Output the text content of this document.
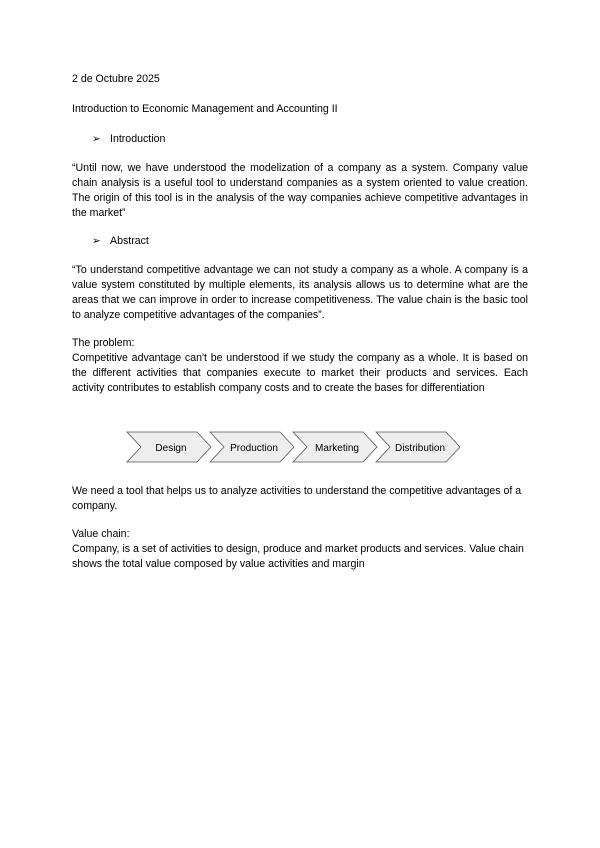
2 de Octubre 2025
Introduction to Economic Management and Accounting II
➢ Introduction
“Until now, we have understood the modelization of a company as a system. Company value chain analysis is a useful tool to understand companies as a system oriented to value creation. The origin of this tool is in the analysis of the way companies achieve competitive advantages in the market”
➢ Abstract
“To understand competitive advantage we can not study a company as a whole. A company is a value system constituted by multiple elements, its analysis allows us to determine what are the areas that we can improve in order to increase competitiveness. The value chain is the basic tool to analyze competitive advantages of the companies”.
The problem:
Competitive advantage can't be understood if we study the company as a whole. It is based on the different activities that companies execute to market their products and services. Each activity contributes to establish company costs and to create the bases for differentiation
Design	Production	Marketing	Distribution
We need a tool that helps us to analyze activities to understand the competitive advantages of a company.
Value chain:
Company, is a set of activities to design, produce and market products and services. Value chain shows the total value composed by value activities and margin
